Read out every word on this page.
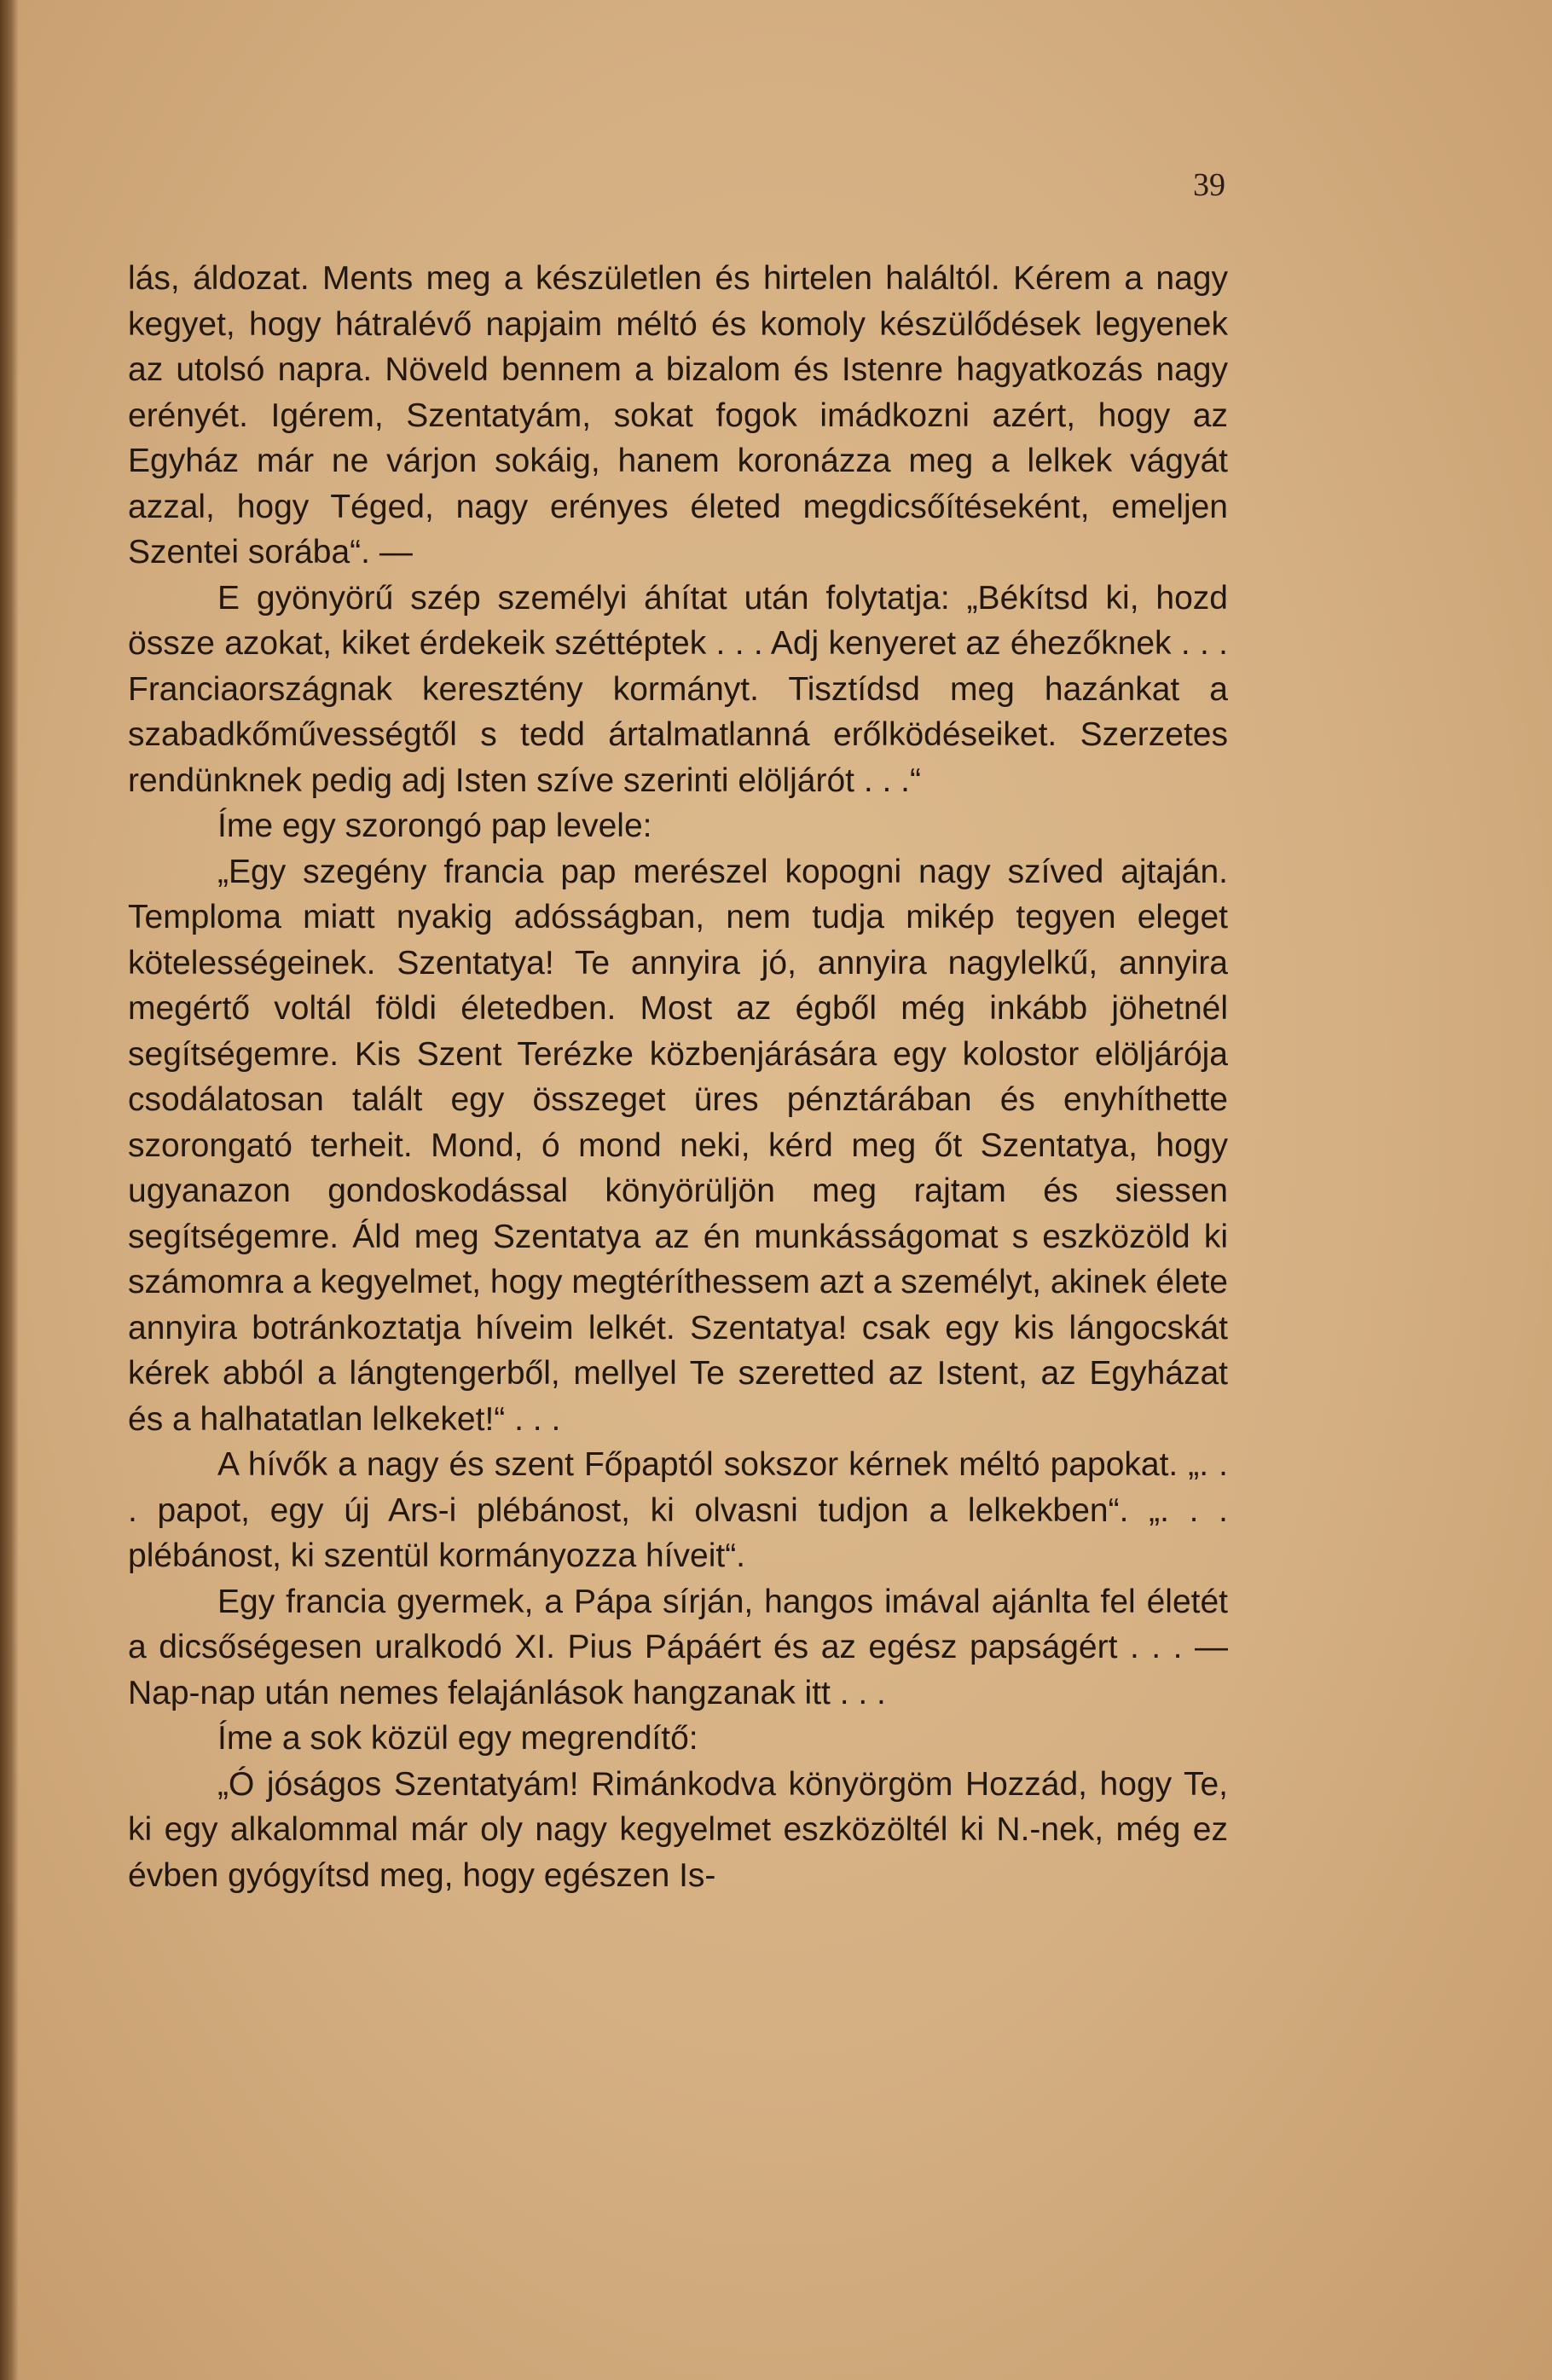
39

lás, áldozat. Ments meg a készületlen és hirtelen haláltól. Kérem a nagy kegyet, hogy hátralévő napjaim méltó és komoly készülődések legyenek az utolsó napra. Növeld bennem a bizalom és Istenre hagyatkozás nagy erényét. Igérem, Szentatyám, sokat fogok imádkozni azért, hogy az Egyház már ne várjon sokáig, hanem koronázza meg a lelkek vágyát azzal, hogy Téged, nagy erényes életed megdicsőítéseként, emeljen Szentei sorába“. —

E gyönyörű szép személyi áhítat után folytatja: „Békítsd ki, hozd össze azokat, kiket érdekeik széttéptek . . . Adj kenyeret az éhezőknek . . . Franciaországnak keresztény kormányt. Tisztídsd meg hazánkat a szabadkőművességtől s tedd ártalmatlanná erőlködéseiket. Szerzetes rendünknek pedig adj Isten szíve szerinti elöljárót . . .“

Íme egy szorongó pap levele:

„Egy szegény francia pap merészel kopogni nagy szíved ajtaján. Temploma miatt nyakig adósságban, nem tudja mikép tegyen eleget kötelességeinek. Szentatya! Te annyira jó, annyira nagylelkű, annyira megértő voltál földi életedben. Most az égből még inkább jöhetnél segítségemre. Kis Szent Terézke közbenjárására egy kolostor elöljárója csodálatosan talált egy összeget üres pénztárában és enyhíthette szorongató terheit. Mond, ó mond neki, kérd meg őt Szentatya, hogy ugyanazon gondoskodással könyörüljön meg rajtam és siessen segítségemre. Áld meg Szentatya az én munkásságomat s eszközöld ki számomra a kegyelmet, hogy megtéríthessem azt a személyt, akinek élete annyira botránkoztatja híveim lelkét. Szentatya! csak egy kis lángocskát kérek abból a lángtengerből, mellyel Te szeretted az Istent, az Egyházat és a halhatatlan lelkeket!“ . . .

A hívők a nagy és szent Főpaptól sokszor kérnek méltó papokat. „. . . papot, egy új Ars-i plébánost, ki olvasni tudjon a lelkekben“. „. . . plébánost, ki szentül kormányozza híveit“.

Egy francia gyermek, a Pápa sírján, hangos imával ajánlta fel életét a dicsőségesen uralkodó XI. Pius Pápáért és az egész papságért . . . — Nap-nap után nemes felajánlások hangzanak itt . . .

Íme a sok közül egy megrendítő:

„Ó jóságos Szentatyám! Rimánkodva könyörgöm Hozzád, hogy Te, ki egy alkalommal már oly nagy kegyelmet eszközöltél ki N.-nek, még ez évben gyógyítsd meg, hogy egészen Is-
